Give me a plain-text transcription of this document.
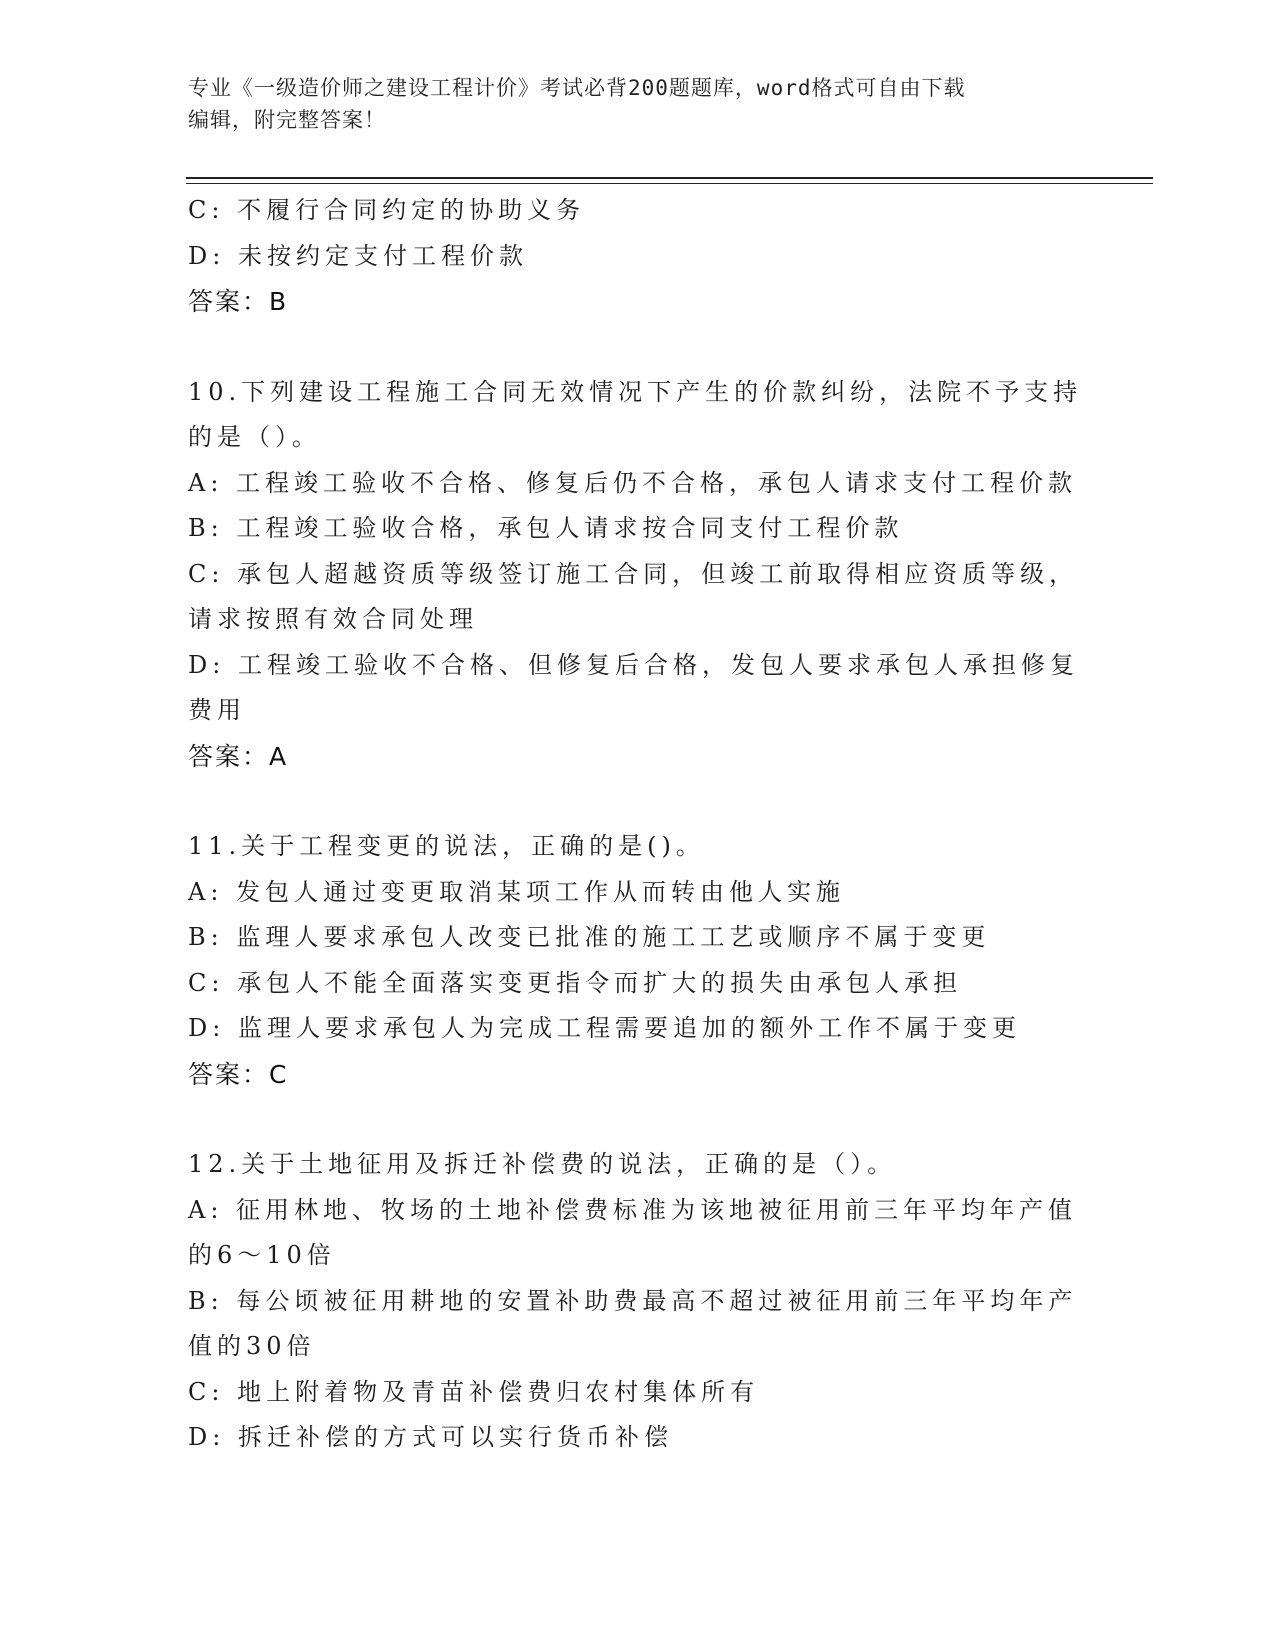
专业《一级造价师之建设工程计价》考试必背200题题库，word格式可自由下载
编辑，附完整答案！
C: 不履行合同约定的协助义务
D: 未按约定支付工程价款
答案：B
10.下列建设工程施工合同无效情况下产生的价款纠纷，法院不予支持
的是（）。
A: 工程竣工验收不合格、修复后仍不合格，承包人请求支付工程价款
B: 工程竣工验收合格，承包人请求按合同支付工程价款
C: 承包人超越资质等级签订施工合同，但竣工前取得相应资质等级，
请求按照有效合同处理
D: 工程竣工验收不合格、但修复后合格，发包人要求承包人承担修复
费用
答案：A
11.关于工程变更的说法，正确的是()。
A: 发包人通过变更取消某项工作从而转由他人实施
B: 监理人要求承包人改变已批准的施工工艺或顺序不属于变更
C: 承包人不能全面落实变更指令而扩大的损失由承包人承担
D: 监理人要求承包人为完成工程需要追加的额外工作不属于变更
答案：C
12.关于土地征用及拆迁补偿费的说法，正确的是（）。
A: 征用林地、牧场的土地补偿费标准为该地被征用前三年平均年产值
的6～10倍
B: 每公顷被征用耕地的安置补助费最高不超过被征用前三年平均年产
值的30倍
C: 地上附着物及青苗补偿费归农村集体所有
D: 拆迁补偿的方式可以实行货币补偿
